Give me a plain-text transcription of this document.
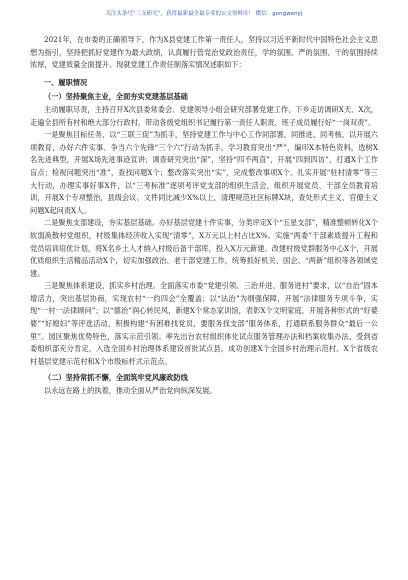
关注头条号“三支研究”，获得最新最全最专业的公文资料库！ 微信：gongwenyj

2021年，在市委的正确领导下，作为X县党建工作第一责任人，坚持以习近平新时代中国特色社会主义思想为指引，坚持把抓好党建作为最大政绩，认真履行管党治党政治责任，学的氛围、严的氛围、干的氛围持续浓厚，党建质量全面提升。现就党建工作责任制落实情况述职如下：

一、履职情况

（一）坚持聚焦主业，全面夯实党建基层基础

主动履职尽责，主持召开X次县委常委会、党建领导小组会研究部署党建工作，下乡走访调研X天、X次，走遍全县所有村和绝大部分行政村，带动各级党组织书记履行第一责任人职责、班子成员履行好“一岗双责”。

一是聚焦目标任务，以“三联三促”为抓手，坚持党建工作与中心工作同部署、同推进、同考核，以开展六项教育、办好六件实事、争当六个先锋“三个六”行动为抓手，学习教育突出“严”，编印X本特色资料，选树X名先进典型，开展X场先进事迹宣讲；调查研究突出“深”，坚持“四不两直”，开展“四到四访”，打通X个工作盲点；检视问题突出“准”，查找问题X个；整改落实突出“实”，完成整改事项X个。扎实开展“驻村清零”等三大行动，办理实事好事X件，以“三考标准”逐项考评党支部的组织生活会，组织开展党员、干部全员教育培训，开展X个专项整治，县级会议、文件同比减少X%以上，清理规范社区标牌X块，查处形式主义、官僚主义问题X起问责X人。

二是聚焦支部建设，夯实基层基础。办好基层党建十件实事，分类评定X个“五星支部”，精准整顿转化X个软弱涣散村党组织，村级集体经济收入实现“清零”，X万元以上村占比X%。实施“两委”干部素质提升工程和党员培训培优计划，将X名乡土人才纳入村级后备干部库，投入X万元新建、改建村级党群服务中心X个，开展优质组织生活精品活动X个，切实加强政治、老干部党建工作，统筹抓好机关、国企、“两新”组织等各领域党建。

三是聚焦体系建设，抓实乡村治理。全面落实市委“党建引领、三治并进、服务进村”要求，以“自治”固本增活力，突出基层协商，实现农村“一约四会”全覆盖；以“法治”为纲强保障，开展“法律服务专项斗争，实现“一村一法律顾问”；以“德治”润心转民风，新建X个常态家训馆，表彰X个文明家庭，开展各种形式的“好婆婆”“好媳妇”等评选活动，积极构建“有困难找党员，要服务找支部”服务体系，打通联系服务群众“最后一公里”。园区聚焦优势特色，落实示范引领。率先出台农村组织体化试点服务管理办法和档案收集办法，受到省委组织部充分肯定，入选全国乡村治理体系建设首批试点县，成功创建X个全国乡村治理示范村、X个省级农村基层党建示范村和X个市级标杆式示范点。

（二）坚持常抓不懈，全面筑牢党风廉政防线

以永远在路上的执着，推动全面从严治党向纵深发展。
